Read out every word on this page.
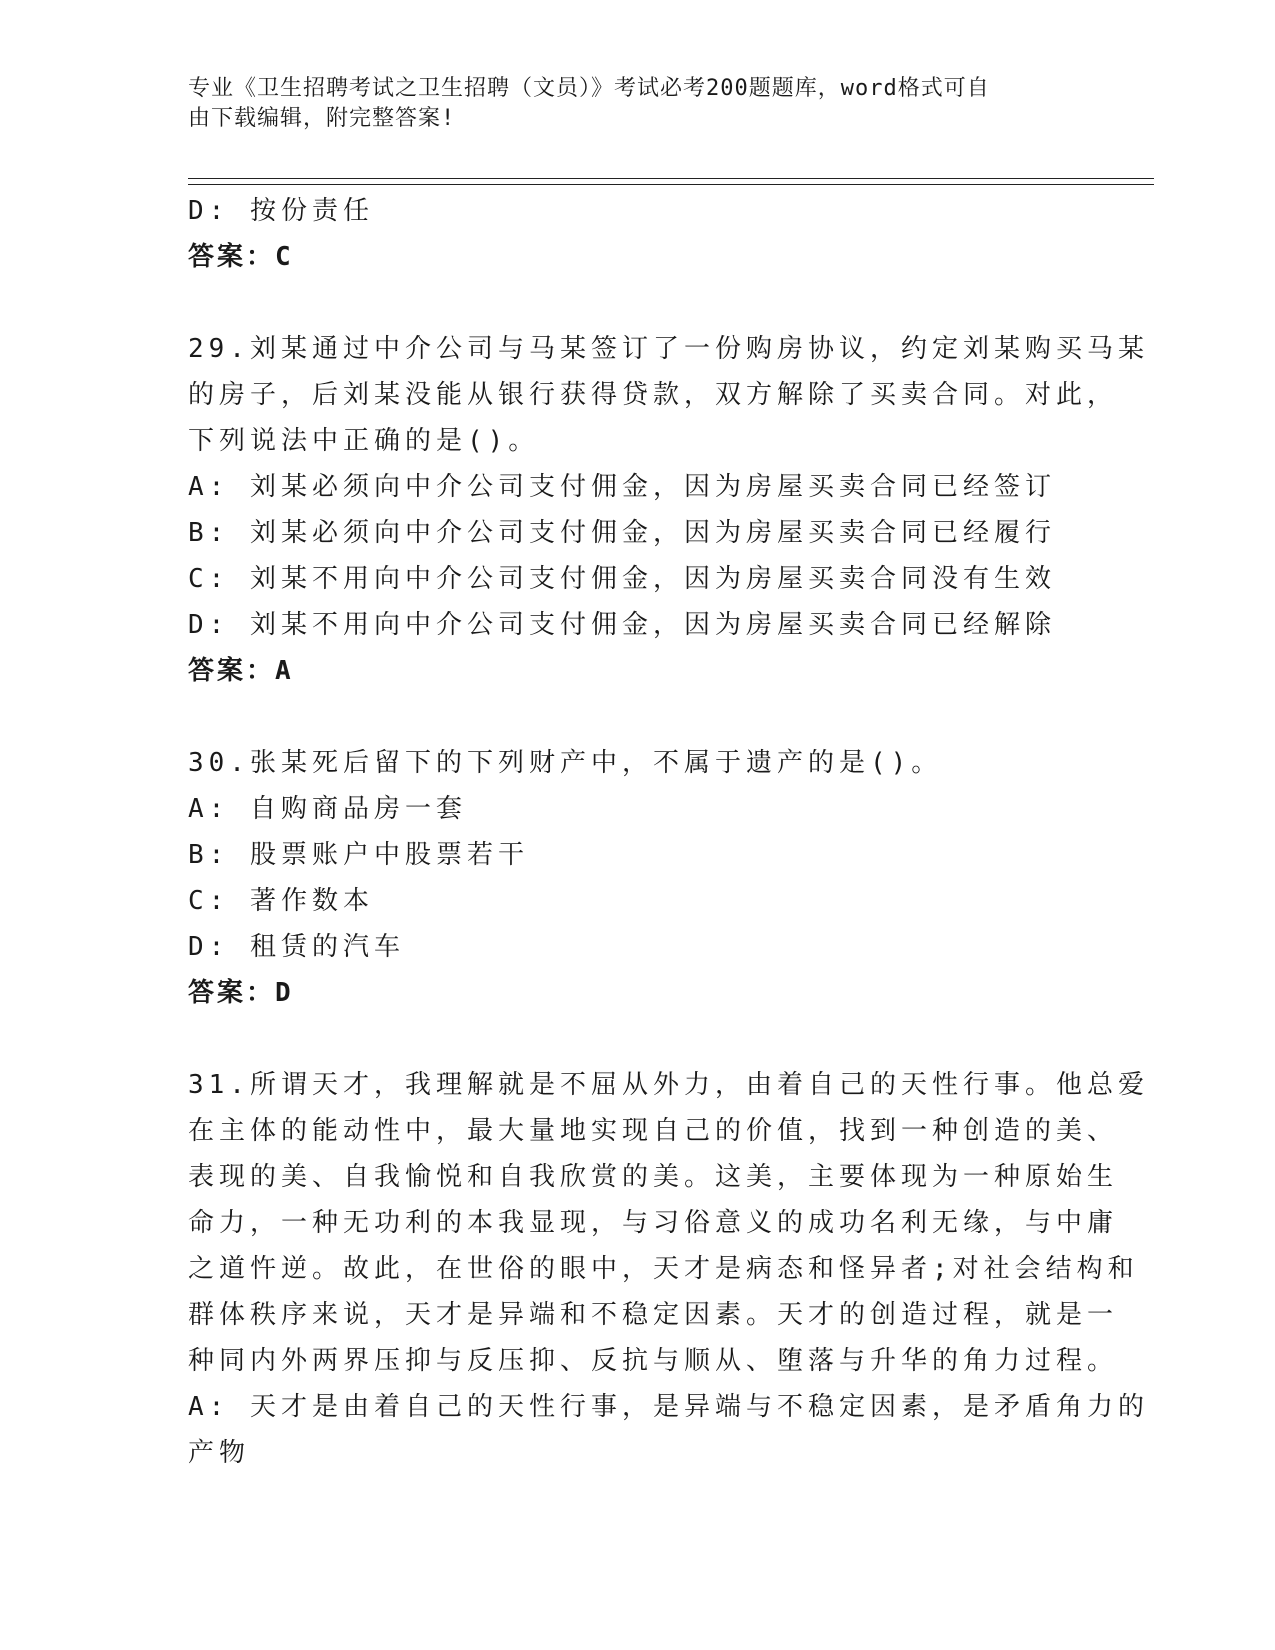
专业《卫生招聘考试之卫生招聘（文员）》考试必考200题题库，word格式可自
由下载编辑，附完整答案!
D: 按份责任
答案：C
29.刘某通过中介公司与马某签订了一份购房协议，约定刘某购买马某
的房子，后刘某没能从银行获得贷款，双方解除了买卖合同。对此，
下列说法中正确的是()。
A: 刘某必须向中介公司支付佣金，因为房屋买卖合同已经签订
B: 刘某必须向中介公司支付佣金，因为房屋买卖合同已经履行
C: 刘某不用向中介公司支付佣金，因为房屋买卖合同没有生效
D: 刘某不用向中介公司支付佣金，因为房屋买卖合同已经解除
答案：A
30.张某死后留下的下列财产中，不属于遗产的是()。
A: 自购商品房一套
B: 股票账户中股票若干
C: 著作数本
D: 租赁的汽车
答案：D
31.所谓天才，我理解就是不屈从外力，由着自己的天性行事。他总爱
在主体的能动性中，最大量地实现自己的价值，找到一种创造的美、
表现的美、自我愉悦和自我欣赏的美。这美，主要体现为一种原始生
命力，一种无功利的本我显现，与习俗意义的成功名利无缘，与中庸
之道忤逆。故此，在世俗的眼中，天才是病态和怪异者;对社会结构和
群体秩序来说，天才是异端和不稳定因素。天才的创造过程，就是一
种同内外两界压抑与反压抑、反抗与顺从、堕落与升华的角力过程。
A: 天才是由着自己的天性行事，是异端与不稳定因素，是矛盾角力的
产物
